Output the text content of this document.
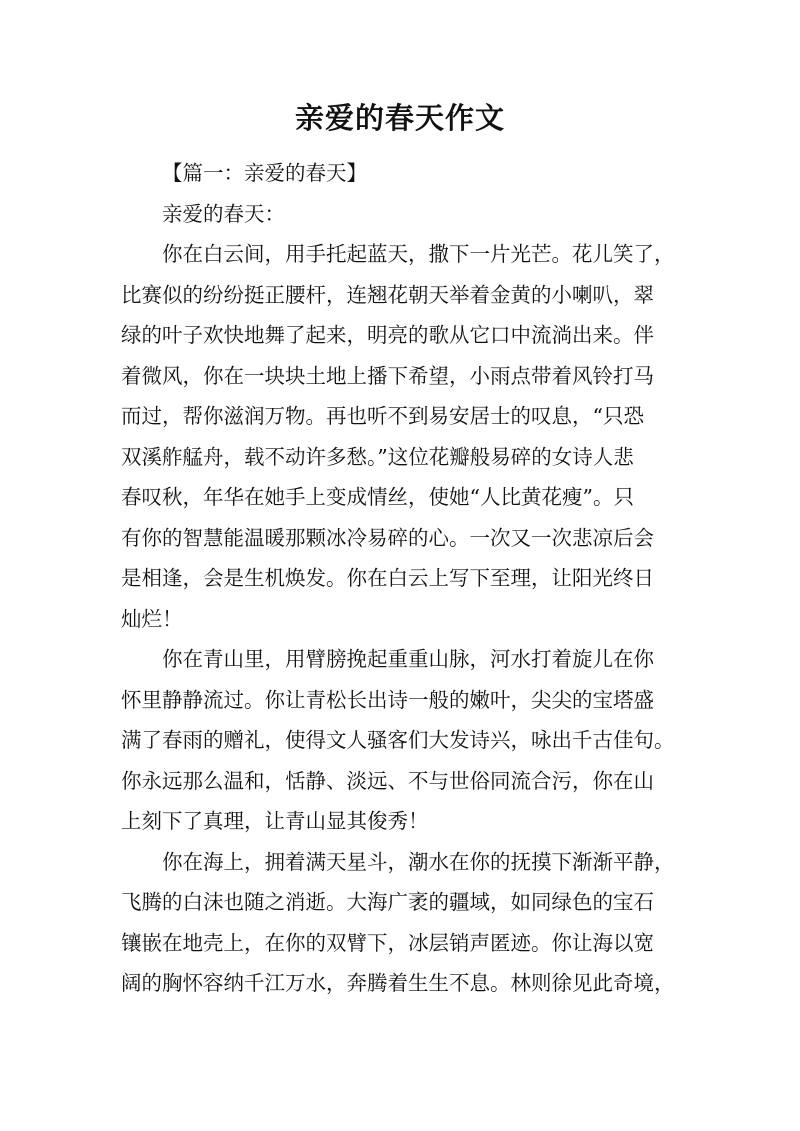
亲爱的春天作文
【篇一：亲爱的春天】
亲爱的春天：
你在白云间，用手托起蓝天，撒下一片光芒。花儿笑了，
比赛似的纷纷挺正腰杆，连翘花朝天举着金黄的小喇叭，翠
绿的叶子欢快地舞了起来，明亮的歌从它口中流淌出来。伴
着微风，你在一块块土地上播下希望，小雨点带着风铃打马
而过，帮你滋润万物。再也听不到易安居士的叹息，“只恐
双溪舴艋舟，载不动许多愁。”这位花瓣般易碎的女诗人悲
春叹秋，年华在她手上变成情丝，使她“人比黄花瘦”。只
有你的智慧能温暖那颗冰冷易碎的心。一次又一次悲凉后会
是相逢，会是生机焕发。你在白云上写下至理，让阳光终日
灿烂！
你在青山里，用臂膀挽起重重山脉，河水打着旋儿在你
怀里静静流过。你让青松长出诗一般的嫩叶，尖尖的宝塔盛
满了春雨的赠礼，使得文人骚客们大发诗兴，咏出千古佳句。
你永远那么温和，恬静、淡远、不与世俗同流合污，你在山
上刻下了真理，让青山显其俊秀！
你在海上，拥着满天星斗，潮水在你的抚摸下渐渐平静，
飞腾的白沫也随之消逝。大海广袤的疆域，如同绿色的宝石
镶嵌在地壳上，在你的双臂下，冰层销声匿迹。你让海以宽
阔的胸怀容纳千江万水，奔腾着生生不息。林则徐见此奇境，
